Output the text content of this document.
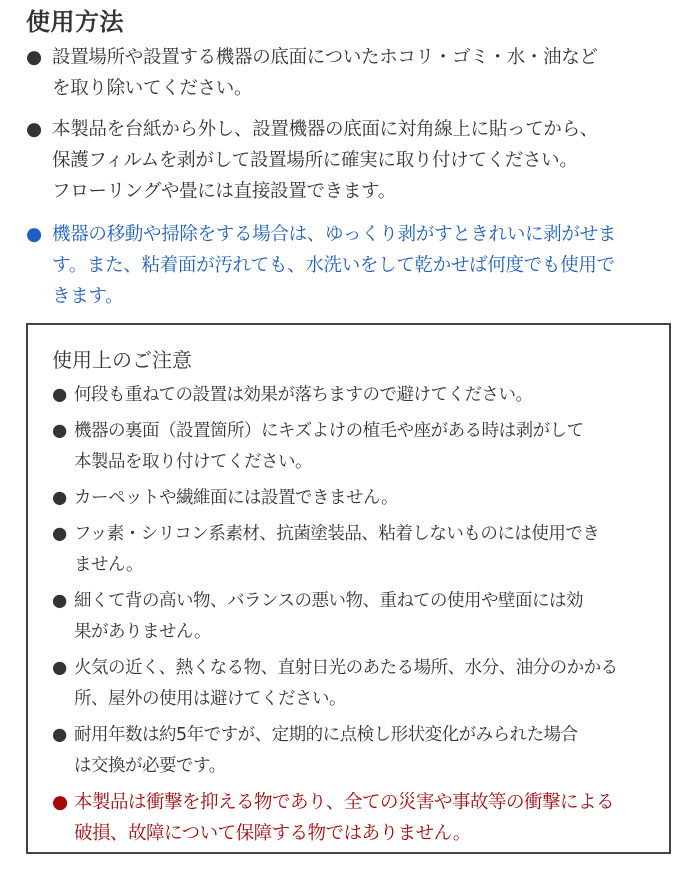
使用方法
● 設置場所や設置する機器の底面についたホコリ・ゴミ・水・油など
を取り除いてください。
● 本製品を台紙から外し、設置機器の底面に対角線上に貼ってから、
保護フィルムを剥がして設置場所に確実に取り付けてください。
フローリングや畳には直接設置できます。
● 機器の移動や掃除をする場合は、ゆっくり剥がすときれいに剥がせま
す。また、粘着面が汚れても、水洗いをして乾かせば何度でも使用で
きます。
使用上のご注意
● 何段も重ねての設置は効果が落ちますので避けてください。
● 機器の裏面（設置箇所）にキズよけの植毛や座がある時は剥がして
本製品を取り付けてください。
● カーペットや繊維面には設置できません。
● フッ素・シリコン系素材、抗菌塗装品、粘着しないものには使用でき
ません。
● 細くて背の高い物、バランスの悪い物、重ねての使用や壁面には効
果がありません。
● 火気の近く、熱くなる物、直射日光のあたる場所、水分、油分のかかる
所、屋外の使用は避けてください。
● 耐用年数は約5年ですが、定期的に点検し形状変化がみられた場合
は交換が必要です。
● 本製品は衝撃を抑える物であり、全ての災害や事故等の衝撃による
破損、故障について保障する物ではありません。
